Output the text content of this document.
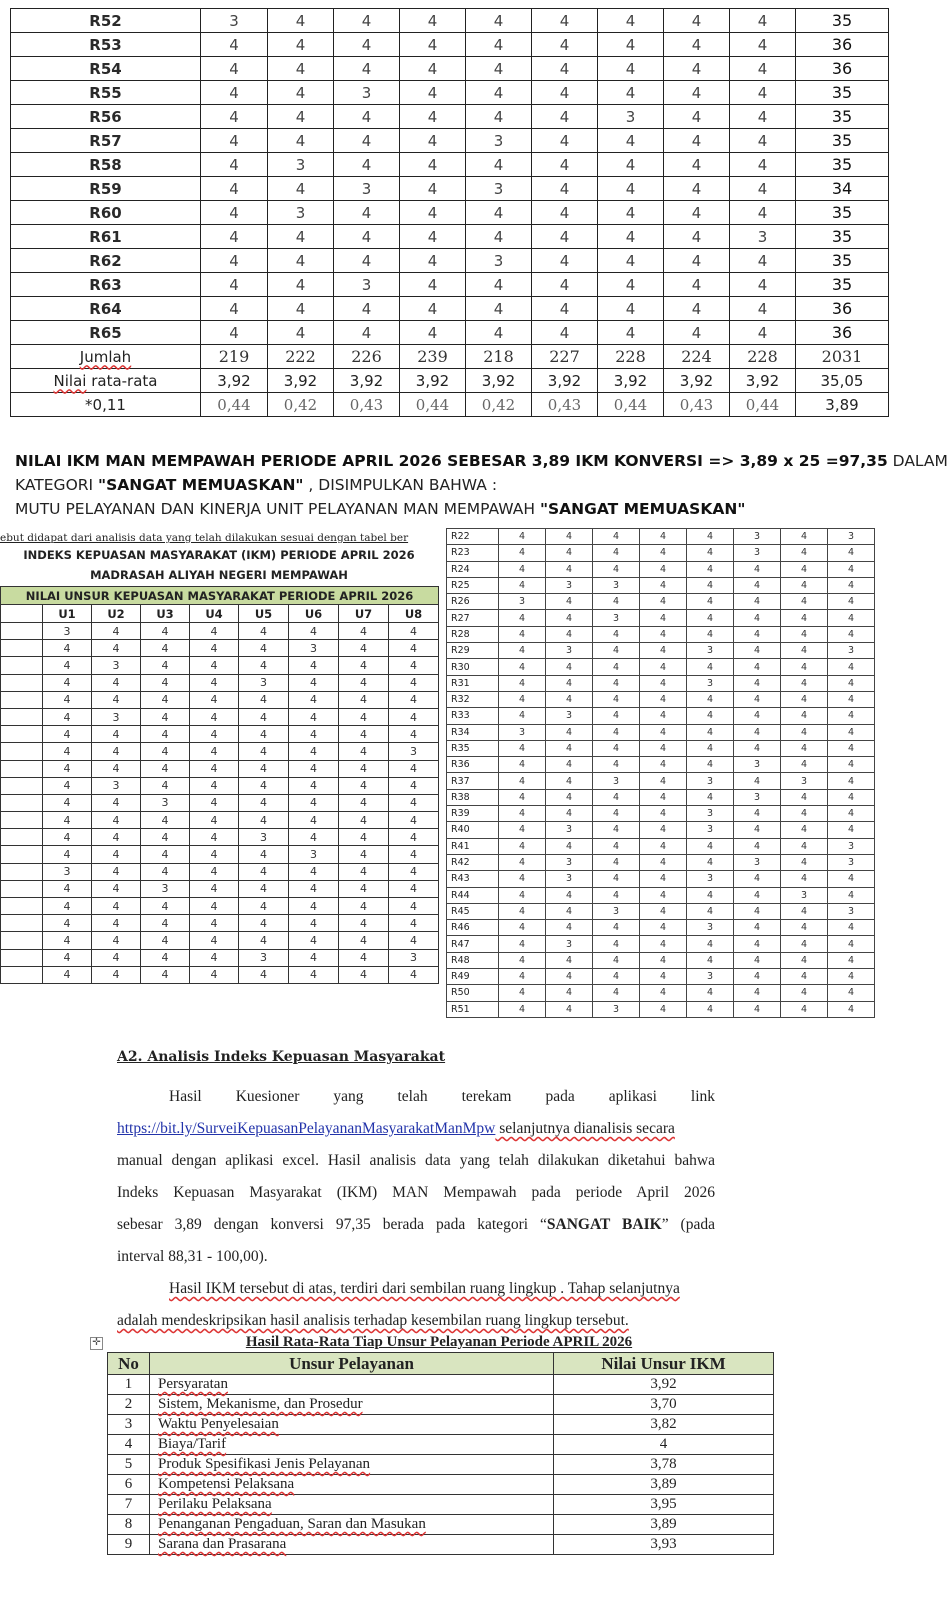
R52	3	4	4	4	4	4	4	4	4	35
R53	4	4	4	4	4	4	4	4	4	36
R54	4	4	4	4	4	4	4	4	4	36
R55	4	4	3	4	4	4	4	4	4	35
R56	4	4	4	4	4	4	3	4	4	35
R57	4	4	4	4	3	4	4	4	4	35
R58	4	3	4	4	4	4	4	4	4	35
R59	4	4	3	4	3	4	4	4	4	34
R60	4	3	4	4	4	4	4	4	4	35
R61	4	4	4	4	4	4	4	4	3	35
R62	4	4	4	4	3	4	4	4	4	35
R63	4	4	3	4	4	4	4	4	4	35
R64	4	4	4	4	4	4	4	4	4	36
R65	4	4	4	4	4	4	4	4	4	36
Jumlah	219	222	226	239	218	227	228	224	228	2031
Nilai rata-rata	3,92	3,92	3,92	3,92	3,92	3,92	3,92	3,92	3,92	35,05
*0,11	0,44	0,42	0,43	0,44	0,42	0,43	0,44	0,43	0,44	3,89
NILAI IKM MAN MEMPAWAH PERIODE APRIL 2026 SEBESAR 3,89 IKM KONVERSI => 3,89 x 25 =97,35 DALAM
KATEGORI "SANGAT MEMUASKAN" , DISIMPULKAN BAHWA :
MUTU PELAYANAN DAN KINERJA UNIT PELAYANAN MAN MEMPAWAH "SANGAT MEMUASKAN"
ebut didapat dari analisis data yang telah dilakukan sesuai dengan tabel ber
INDEKS KEPUASAN MASYARAKAT (IKM) PERIODE APRIL 2026
MADRASAH ALIYAH NEGERI MEMPAWAH
NILAI UNSUR KEPUASAN MASYARAKAT PERIODE APRIL 2026								
	U1	U2	U3	U4	U5	U6	U7	U8
	3	4	4	4	4	4	4	4
	4	4	4	4	4	3	4	4
	4	3	4	4	4	4	4	4
	4	4	4	4	3	4	4	4
	4	4	4	4	4	4	4	4
	4	3	4	4	4	4	4	4
	4	4	4	4	4	4	4	4
	4	4	4	4	4	4	4	3
	4	4	4	4	4	4	4	4
	4	3	4	4	4	4	4	4
	4	4	3	4	4	4	4	4
	4	4	4	4	4	4	4	4
	4	4	4	4	3	4	4	4
	4	4	4	4	4	3	4	4
	3	4	4	4	4	4	4	4
	4	4	3	4	4	4	4	4
	4	4	4	4	4	4	4	4
	4	4	4	4	4	4	4	4
	4	4	4	4	4	4	4	4
	4	4	4	4	3	4	4	3
	4	4	4	4	4	4	4	4
R22	4	4	4	4	4	3	4	3
R23	4	4	4	4	4	3	4	4
R24	4	4	4	4	4	4	4	4
R25	4	3	3	4	4	4	4	4
R26	3	4	4	4	4	4	4	4
R27	4	4	3	4	4	4	4	4
R28	4	4	4	4	4	4	4	4
R29	4	3	4	4	3	4	4	3
R30	4	4	4	4	4	4	4	4
R31	4	4	4	4	3	4	4	4
R32	4	4	4	4	4	4	4	4
R33	4	3	4	4	4	4	4	4
R34	3	4	4	4	4	4	4	4
R35	4	4	4	4	4	4	4	4
R36	4	4	4	4	4	3	4	4
R37	4	4	3	4	3	4	3	4
R38	4	4	4	4	4	3	4	4
R39	4	4	4	4	3	4	4	4
R40	4	3	4	4	3	4	4	4
R41	4	4	4	4	4	4	4	3
R42	4	3	4	4	4	3	4	3
R43	4	3	4	4	3	4	4	4
R44	4	4	4	4	4	4	3	4
R45	4	4	3	4	4	4	4	3
R46	4	4	4	4	3	4	4	4
R47	4	3	4	4	4	4	4	4
R48	4	4	4	4	4	4	4	4
R49	4	4	4	4	3	4	4	4
R50	4	4	4	4	4	4	4	4
R51	4	4	3	4	4	4	4	4
A2. Analisis Indeks Kepuasan Masyarakat

Hasil Kuesioner yang telah terekam pada aplikasi link

https://bit.ly/SurveiKepuasanPelayananMasyarakatManMpw selanjutnya dianalisis secara

manual dengan aplikasi excel. Hasil analisis data yang telah dilakukan diketahui bahwa

Indeks Kepuasan Masyarakat (IKM) MAN Mempawah pada periode April 2026

sebesar 3,89 dengan konversi 97,35 berada pada kategori “SANGAT BAIK” (pada

interval 88,31 - 100,00).

Hasil IKM tersebut di atas, terdiri dari sembilan ruang lingkup . Tahap selanjutnya

adalah mendeskripsikan hasil analisis terhadap kesembilan ruang lingkup tersebut.

✛	Hasil Rata-Rata Tiap Unsur Pelayanan Periode APRIL 2026
No	Unsur Pelayanan	Nilai Unsur IKM
1	Persyaratan	3,92
2	Sistem, Mekanisme, dan Prosedur	3,70
3	Waktu Penyelesaian	3,82
4	Biaya/Tarif	4
5	Produk Spesifikasi Jenis Pelayanan	3,78
6	Kompetensi Pelaksana	3,89
7	Perilaku Pelaksana	3,95
8	Penanganan Pengaduan, Saran dan Masukan	3,89
9	Sarana dan Prasarana	3,93
